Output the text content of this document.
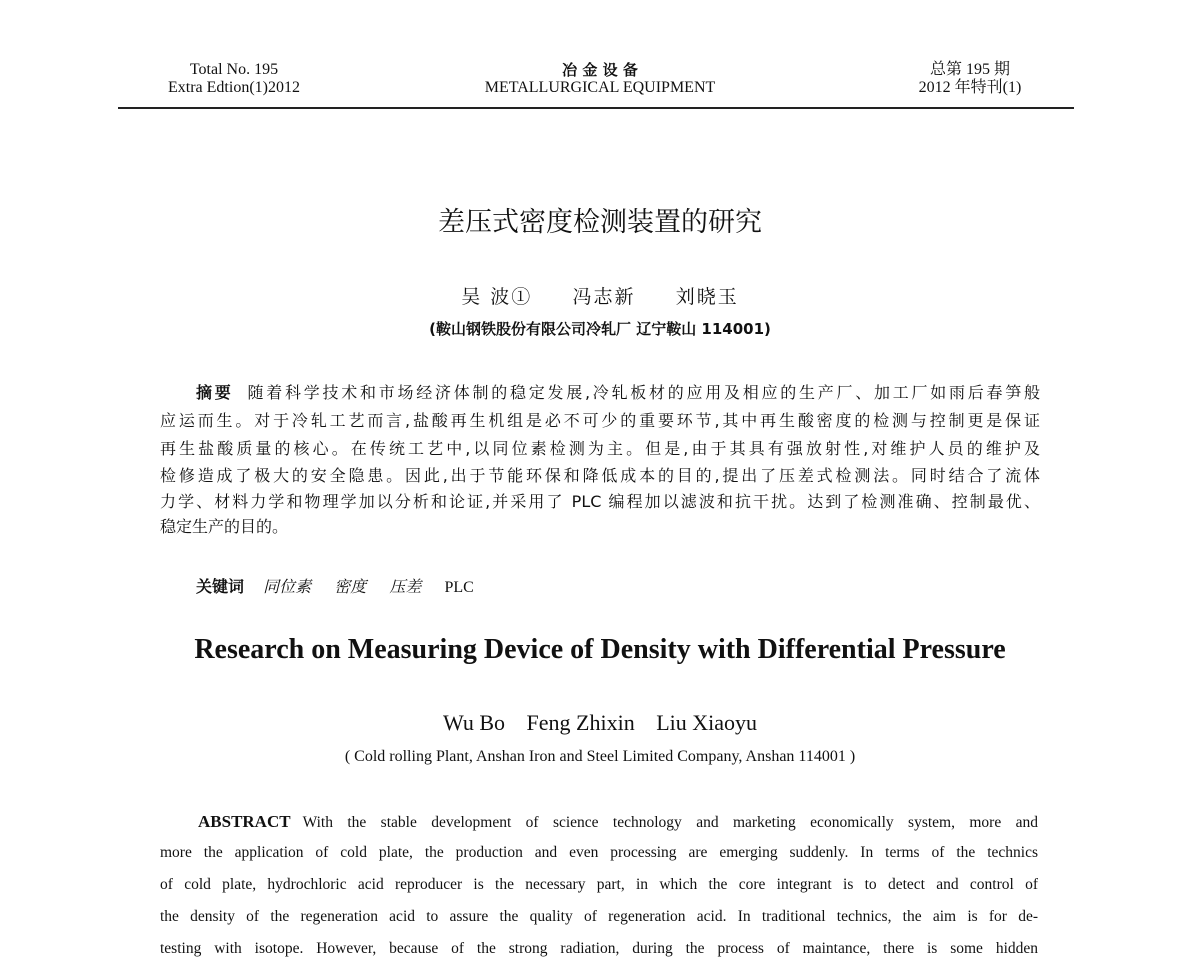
Total No. 195
Extra Edtion(1)2012
冶 金 设 备
METALLURGICAL EQUIPMENT
总第 195 期
2012 年特刊(1)
差压式密度检测装置的研究
吴 波① 冯志新 刘晓玉
(鞍山钢铁股份有限公司冷轧厂 辽宁鞍山 114001)
摘要 随着科学技术和市场经济体制的稳定发展,冷轧板材的应用及相应的生产厂、加工厂如雨后春笋般
应运而生。对于冷轧工艺而言,盐酸再生机组是必不可少的重要环节,其中再生酸密度的检测与控制更是保证
再生盐酸质量的核心。在传统工艺中,以同位素检测为主。但是,由于其具有强放射性,对维护人员的维护及
检修造成了极大的安全隐患。因此,出于节能环保和降低成本的目的,提出了压差式检测法。同时结合了流体
力学、材料力学和物理学加以分析和论证,并采用了 PLC 编程加以滤波和抗干扰。达到了检测准确、控制最优、
稳定生产的目的。
关键词 同位素 密度 压差 PLC
Research on Measuring Device of Density with Differential Pressure
Wu Bo Feng Zhixin Liu Xiaoyu
( Cold rolling Plant, Anshan Iron and Steel Limited Company, Anshan 114001 )
ABSTRACT With the stable development of science technology and marketing economically system, more and
more the application of cold plate, the production and even processing are emerging suddenly. In terms of the technics
of cold plate, hydrochloric acid reproducer is the necessary part, in which the core integrant is to detect and control of
the density of the regeneration acid to assure the quality of regeneration acid. In traditional technics, the aim is for de-
testing with isotope. However, because of the strong radiation, during the process of maintance, there is some hidden
